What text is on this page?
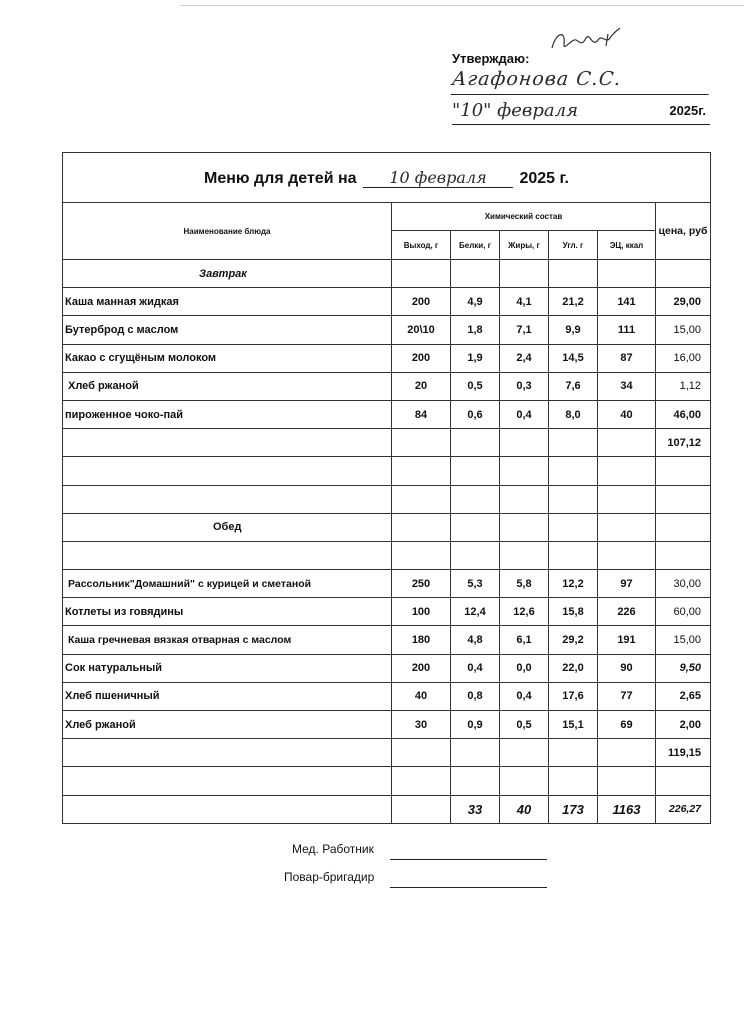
Утверждаю:
Агафонова С.С.
"10" февраля	2025г.
Меню для детей на 10 февраля 2025 г.						
Наименование блюда	Химический состав					цена, руб
	Выход, г	Белки, г	Жиры, г	Угл. г	ЭЦ, ккал	
Завтрак						
Каша манная жидкая	200	4,9	4,1	21,2	141	29,00
Бутерброд с маслом	20\10	1,8	7,1	9,9	111	15,00
Какао с сгущёным молоком	200	1,9	2,4	14,5	87	16,00
Хлеб ржаной	20	0,5	0,3	7,6	34	1,12
пироженное чоко-пай	84	0,6	0,4	8,0	40	46,00
						107,12

Обед						

Рассольник"Домашний" с курицей и сметаной	250	5,3	5,8	12,2	97	30,00
Котлеты из говядины	100	12,4	12,6	15,8	226	60,00
Каша гречневая вязкая отварная с маслом	180	4,8	6,1	29,2	191	15,00
Сок натуральный	200	0,4	0,0	22,0	90	9,50
Хлеб пшеничный	40	0,8	0,4	17,6	77	2,65
Хлеб ржаной	30	0,9	0,5	15,1	69	2,00
						119,15

		33	40	173	1163	226,27
Мед. Работник

Повар-бригадир
